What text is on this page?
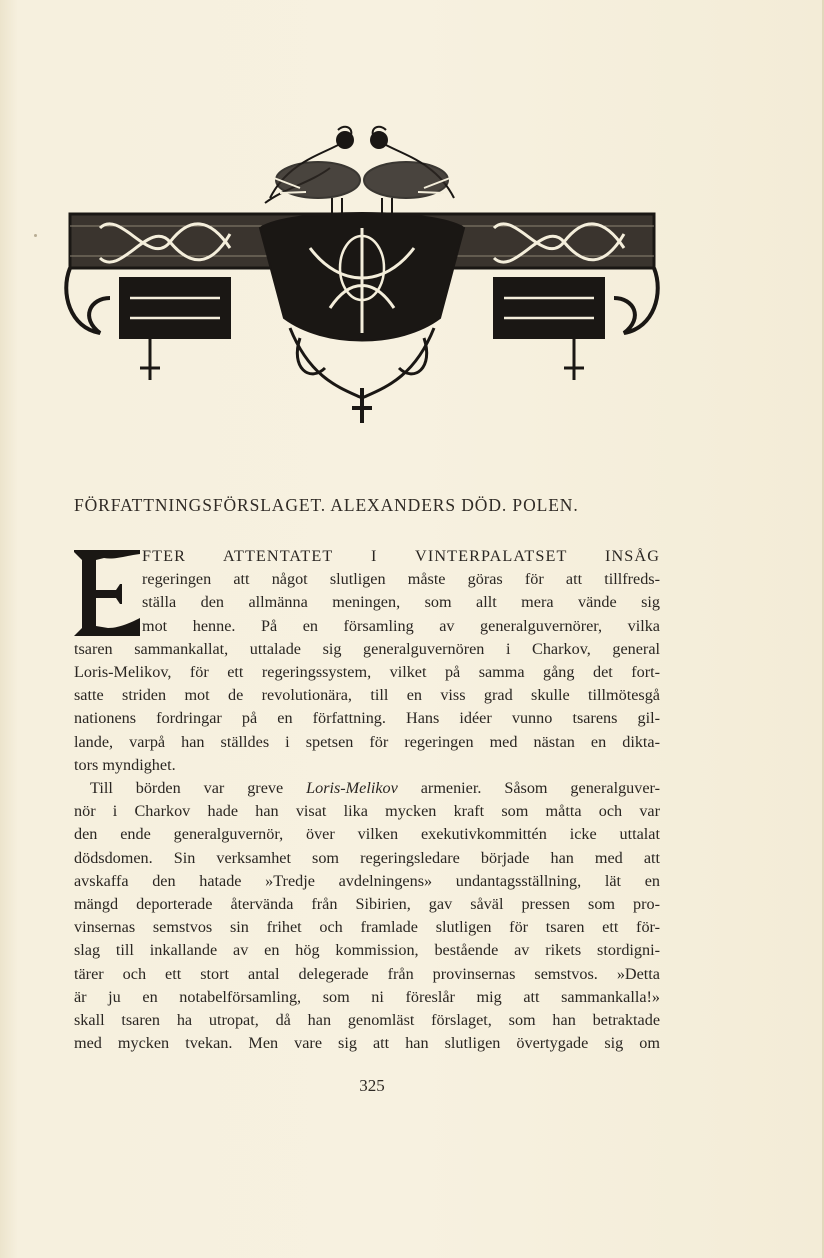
FÖRFATTNINGSFÖRSLAGET. ALEXANDERS DÖD. POLEN.
FTER ATTENTATET I VINTERPALATSET INSÅG
regeringen att något slutligen måste göras för att tillfreds-
ställa den allmänna meningen, som allt mera vände sig
mot henne. På en församling av generalguvernörer, vilka
tsaren sammankallat, uttalade sig generalguvernören i Charkov, general
Loris-Melikov, för ett regeringssystem, vilket på samma gång det fort-
satte striden mot de revolutionära, till en viss grad skulle tillmötesgå
nationens fordringar på en författning. Hans idéer vunno tsarens gil-
lande, varpå han ställdes i spetsen för regeringen med nästan en dikta-
tors myndighet.
Till börden var greve Loris-Melikov armenier. Såsom generalguver-
nör i Charkov hade han visat lika mycken kraft som måtta och var
den ende generalguvernör, över vilken exekutivkommittén icke uttalat
dödsdomen. Sin verksamhet som regeringsledare började han med att
avskaffa den hatade »Tredje avdelningens» undantagsställning, lät en
mängd deporterade återvända från Sibirien, gav såväl pressen som pro-
vinsernas semstvos sin frihet och framlade slutligen för tsaren ett för-
slag till inkallande av en hög kommission, bestående av rikets stordigni-
tärer och ett stort antal delegerade från provinsernas semstvos. »Detta
är ju en notabelförsamling, som ni föreslår mig att sammankalla!»
skall tsaren ha utropat, då han genomläst förslaget, som han betraktade
med mycken tvekan. Men vare sig att han slutligen övertygade sig om
325
